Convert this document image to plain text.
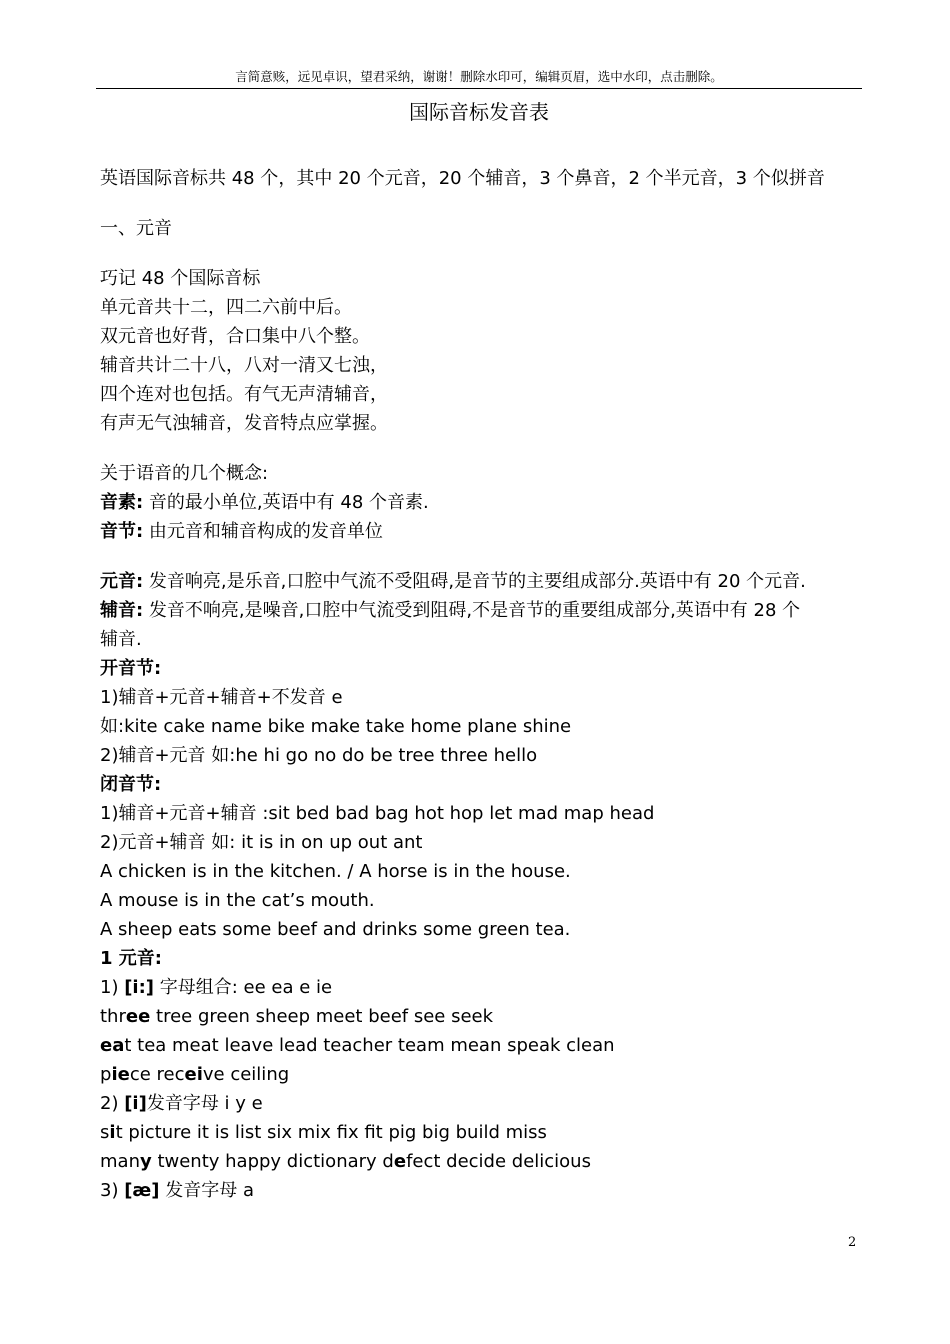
言简意赅，远见卓识，望君采纳，谢谢！删除水印可，编辑页眉，选中水印，点击删除。
国际音标发音表
英语国际音标共 48 个，其中 20 个元音，20 个辅音，3 个鼻音，2 个半元音，3 个似拼音
一、元音
巧记 48 个国际音标
单元音共十二，四二六前中后。
双元音也好背，合口集中八个整。
辅音共计二十八，八对一清又七浊，
四个连对也包括。有气无声清辅音，
有声无气浊辅音，发音特点应掌握。
关于语音的几个概念:
音素: 音的最小单位,英语中有 48 个音素.
音节: 由元音和辅音构成的发音单位
元音: 发音响亮,是乐音,口腔中气流不受阻碍,是音节的主要组成部分.英语中有 20 个元音.
辅音: 发音不响亮,是噪音,口腔中气流受到阻碍,不是音节的重要组成部分,英语中有 28 个
辅音.
开音节:
1)辅音+元音+辅音+不发音 e
如:kite cake name bike make take home plane shine
2)辅音+元音 如:he hi go no do be tree three hello
闭音节:
1)辅音+元音+辅音 :sit bed bad bag hot hop let mad map head
2)元音+辅音 如: it is in on up out ant
A chicken is in the kitchen. / A horse is in the house.
A mouse is in the cat’s mouth.
A sheep eats some beef and drinks some green tea.
1 元音:
1) [i:] 字母组合: ee ea e ie
three tree green sheep meet beef see seek
eat tea meat leave lead teacher team mean speak clean
piece receive ceiling
2) [i]发音字母 i y e
sit picture it is list six mix fix fit pig big build miss
many twenty happy dictionary defect decide delicious
3) [æ] 发音字母 a
2
